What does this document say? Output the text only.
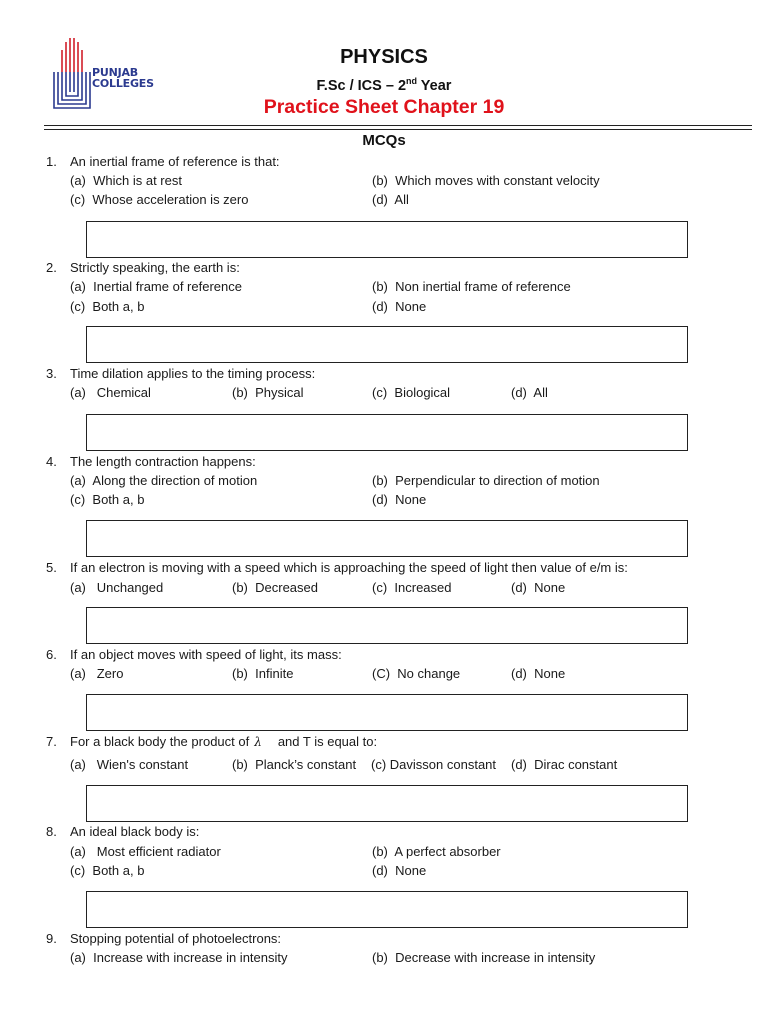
PUNJAB
COLLEGES
PHYSICS
F.Sc / ICS – 2nd Year
Practice Sheet Chapter 19
MCQs
1. An inertial frame of reference is that:
(a) Which is at rest	(b) Which moves with constant velocity
(c) Whose acceleration is zero	(d) All
2. Strictly speaking, the earth is:
(a) Inertial frame of reference	(b) Non inertial frame of reference
(c) Both a, b	(d) None
3. Time dilation applies to the timing process:
(a) Chemical	(b) Physical	(c) Biological	(d) All
4. The length contraction happens:
(a) Along the direction of motion	(b) Perpendicular to direction of motion
(c) Both a, b	(d) None
5. If an electron is moving with a speed which is approaching the speed of light then value of e/m is:
(a) Unchanged	(b) Decreased	(c) Increased	(d) None
6. If an object moves with speed of light, its mass:
(a) Zero	(b) Infinite	(C) No change	(d) None
7. For a black body the product of λ and T is equal to:
(a) Wien's constant	(b) Planck’s constant (c) Davisson constant (d) Dirac constant
8. An ideal black body is:
(a) Most efficient radiator	(b) A perfect absorber
(c) Both a, b	(d) None
9. Stopping potential of photoelectrons:
(a) Increase with increase in intensity	(b) Decrease with increase in intensity
